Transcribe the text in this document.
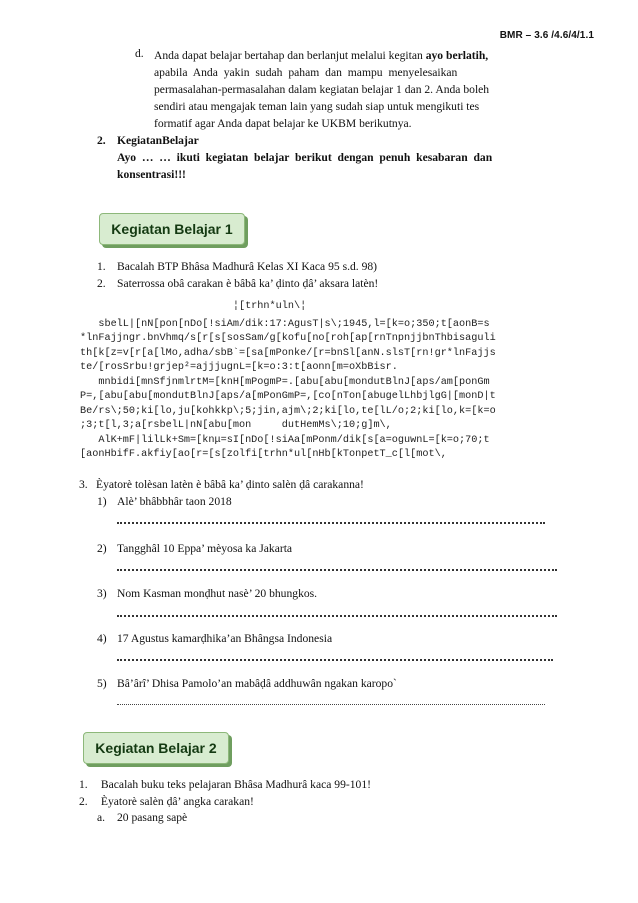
BMR – 3.6 /4.6/4/1.1
d. Anda dapat belajar bertahap dan berlanjut melalui kegitan ayo berlatih,
apabila Anda yakin sudah paham dan mampu menyelesaikan
permasalahan-permasalahan dalam kegiatan belajar 1 dan 2. Anda boleh
sendiri atau mengajak teman lain yang sudah siap untuk mengikuti tes
formatif agar Anda dapat belajar ke UKBM berikutnya.
2. KegiatanBelajar
Ayo  …  …  ikuti  kegiatan  belajar  berikut  dengan  penuh  kesabaran  dan
konsentrasi!!!
Kegiatan Belajar 1
1. Bacalah BTP Bhâsa Madhurâ Kelas XI Kaca 95 s.d. 98)
2. Saterrossa obâ carakan è bâbâ ka’ ḍinto ḍâ’ aksara latèn!
¦[trhn*uln\¦
sbelL|[nN[pon[nDo[!siAm/dik:17:AgusT|s\;1945,l=[k=o;350;t[aonB=s
*lnFajjngr.bnVhmq/s[r[s[sosSam/g[kofu[no[roh[ap[rnTnpnjjbnThbisaguli
th[k[z=v[r[a[lMo,adha/sbB`=[sa[mPonke/[r=bnSl[anN.slsT[rn!gr*lnFajjs
te/[rosSrbu!grjep²=ajjjugnL=[k=o:3:t[aonn[m=oXbBisr.
mnbidi[mnSfjnmlrtM=[knH[mPogmP=.[abu[abu[mondutBlnJ[aps/am[ponGm
P=,[abu[abu[mondutBlnJ[aps/a[mPonGmP=,[co[nTon[abugelLhbjlgG|[monD|t
Be/rs\;50;ki[lo,ju[kohkkp\;5;jin,ajm\;2;ki[lo,te[lL/o;2;ki[lo,k=[k=o
;3;t[l,3;a[rsbelL|nN[abu[mon     dutHemMs\;10;g]m\,
AlK+mF|lilLk+Sm=[knμ=sI[nDo[!siAa[mPonm/dik[s[a=oguwnL=[k=o;70;t
[aonHbifF.akfiy[ao[r=[s[zolfi[trhn*ul[nHb[kTonpetT_c[l[mot\,
3. Èyatorè tolèsan latèn è bâbâ ka’ ḍinto salèn ḍâ carakanna!
1) Alè’ bhâbbhâr taon 2018
2) Tangghâl 10 Eppa’ mèyosa ka Jakarta
3) Nom Kasman monḍhut nasè’ 20 bhungkos.
4) 17 Agustus kamarḍhika’an Bhângsa Indonesia
5) Bâ’ârî’ Dhisa Pamolo’an mabâḍâ addhuwân ngakan karopo`
Kegiatan Belajar 2
1. Bacalah buku teks pelajaran Bhâsa Madhurâ kaca 99-101!
2. Èyatorè salèn ḍâ’ angka carakan!
a. 20 pasang sapè
